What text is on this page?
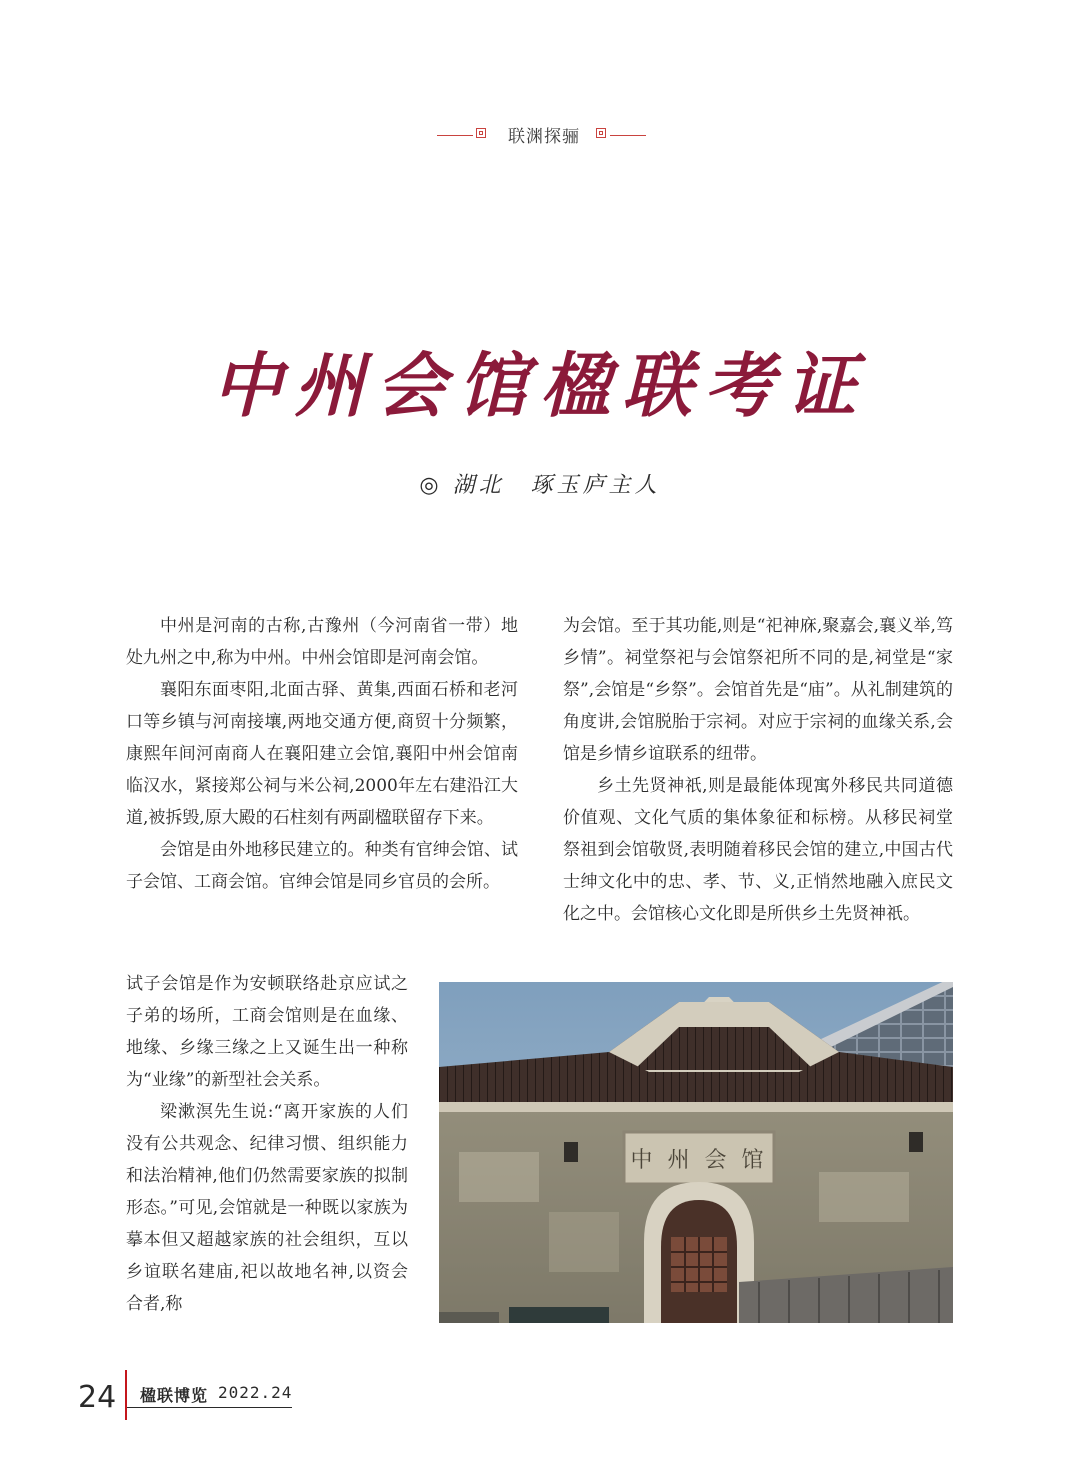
联渊探骊
中州会馆楹联考证
◎ 湖北　琢玉庐主人

中州是河南的古称,古豫州（今河南省一带）地处九州之中,称为中州。中州会馆即是河南会馆。

襄阳东面枣阳,北面古驿、黄集,西面石桥和老河口等乡镇与河南接壤,两地交通方便,商贸十分频繁，康熙年间河南商人在襄阳建立会馆,襄阳中州会馆南临汉水，紧接郑公祠与米公祠,2000年左右建沿江大道,被拆毁,原大殿的石柱刻有两副楹联留存下来。

会馆是由外地移民建立的。种类有官绅会馆、试子会馆、工商会馆。官绅会馆是同乡官员的会所。

试子会馆是作为安顿联络赴京应试之子弟的场所，工商会馆则是在血缘、地缘、乡缘三缘之上又诞生出一种称为“业缘”的新型社会关系。

梁漱溟先生说:“离开家族的人们没有公共观念、纪律习惯、组织能力和法治精神,他们仍然需要家族的拟制形态。”可见,会馆就是一种既以家族为摹本但又超越家族的社会组织，互以乡谊联名建庙,祀以故地名神,以资会合者,称

为会馆。至于其功能,则是“祀神庥,聚嘉会,襄义举,笃乡情”。祠堂祭祀与会馆祭祀所不同的是,祠堂是“家祭”,会馆是“乡祭”。会馆首先是“庙”。从礼制建筑的角度讲,会馆脱胎于宗祠。对应于宗祠的血缘关系,会馆是乡情乡谊联系的纽带。

乡土先贤神祇,则是最能体现寓外移民共同道德价值观、文化气质的集体象征和标榜。从移民祠堂祭祖到会馆敬贤,表明随着移民会馆的建立,中国古代士绅文化中的忠、孝、节、义,正悄然地融入庶民文化之中。会馆核心文化即是所供乡土先贤神祇。

中 州 会 馆
24 楹联博览 2022.24
